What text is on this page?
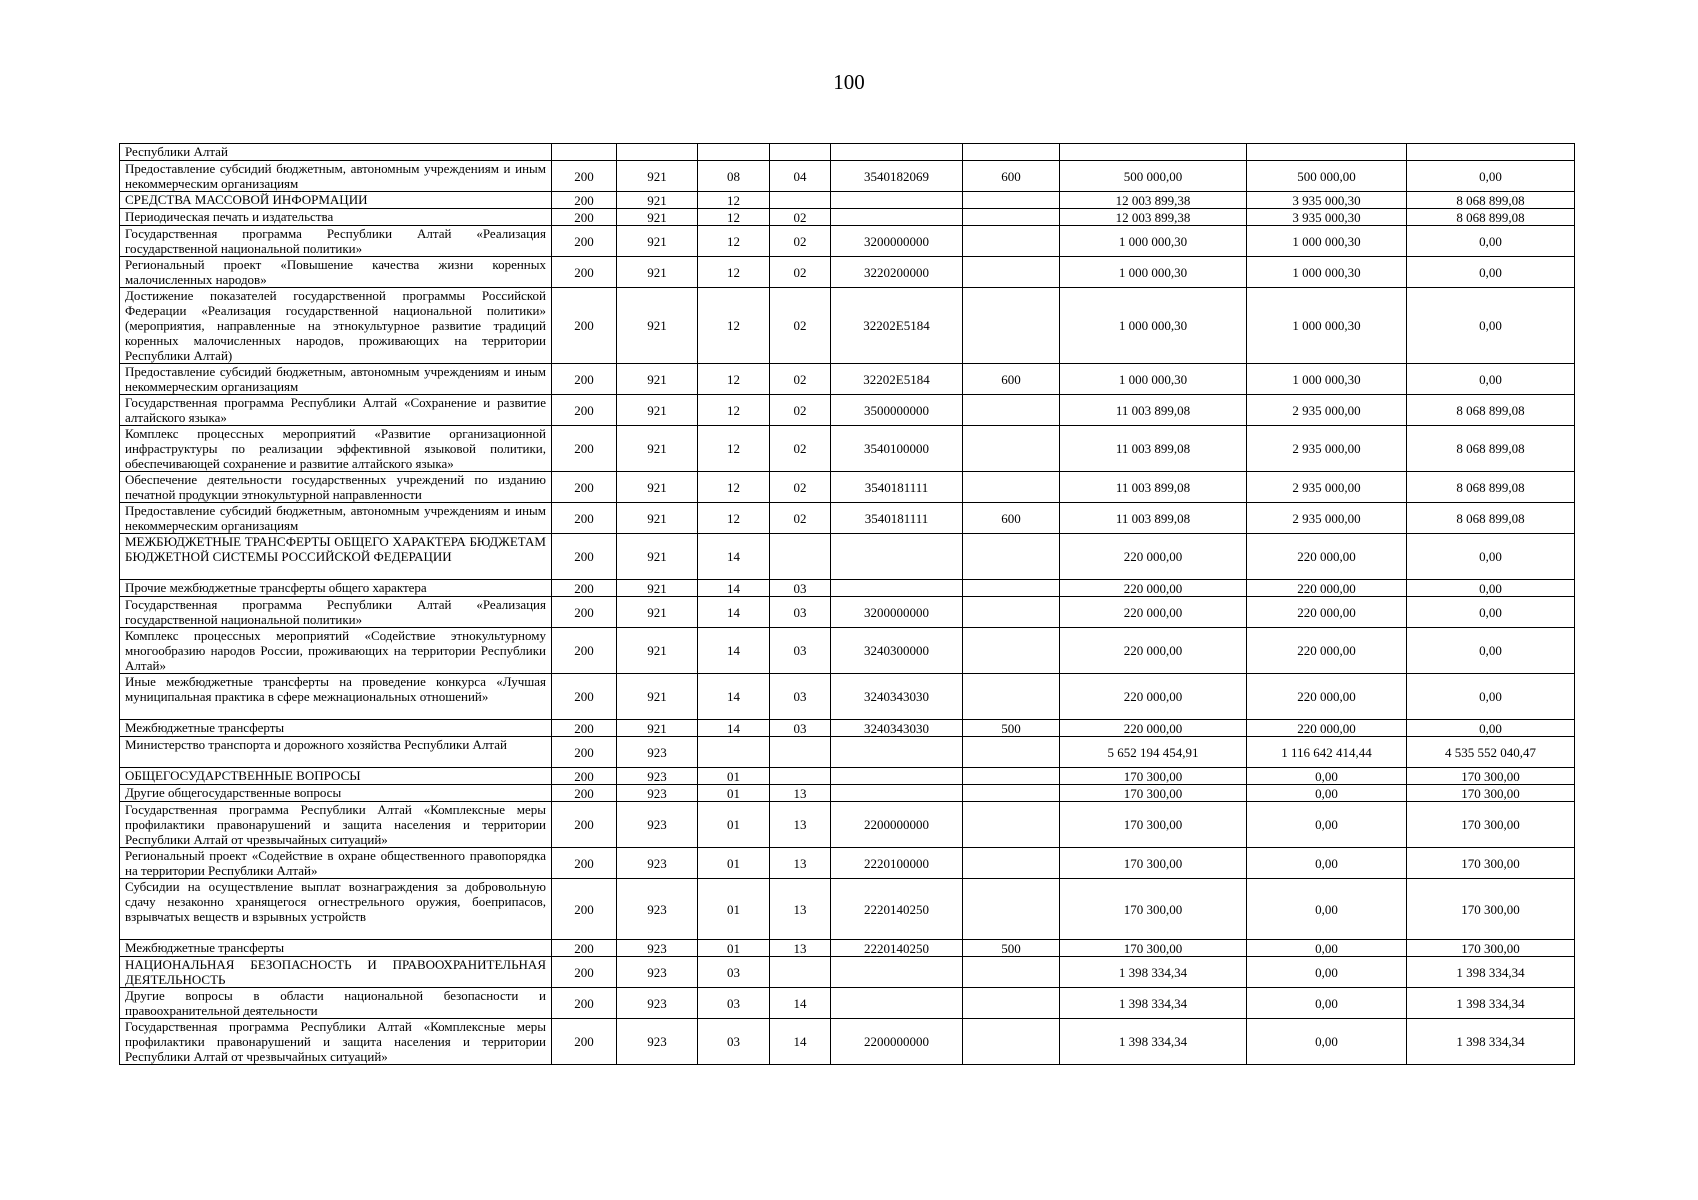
100
Республики Алтай									
Предоставление субсидий бюджетным, автономным учреждениям и иным некоммерческим организациям	200	921	08	04	3540182069	600	500 000,00	500 000,00	0,00
СРЕДСТВА МАССОВОЙ ИНФОРМАЦИИ	200	921	12				12 003 899,38	3 935 000,30	8 068 899,08
Периодическая печать и издательства	200	921	12	02			12 003 899,38	3 935 000,30	8 068 899,08
Государственная программа Республики Алтай «Реализация государственной национальной политики»	200	921	12	02	3200000000		1 000 000,30	1 000 000,30	0,00
Региональный проект «Повышение качества жизни коренных малочисленных народов»	200	921	12	02	3220200000		1 000 000,30	1 000 000,30	0,00
Достижение показателей государственной программы Российской Федерации «Реализация государственной национальной политики» (мероприятия, направленные на этнокультурное развитие традиций коренных малочисленных народов, проживающих на территории Республики Алтай)	200	921	12	02	32202E5184		1 000 000,30	1 000 000,30	0,00
Предоставление субсидий бюджетным, автономным учреждениям и иным некоммерческим организациям	200	921	12	02	32202E5184	600	1 000 000,30	1 000 000,30	0,00
Государственная программа Республики Алтай «Сохранение и развитие алтайского языка»	200	921	12	02	3500000000		11 003 899,08	2 935 000,00	8 068 899,08
Комплекс процессных мероприятий «Развитие организационной инфраструктуры по реализации эффективной языковой политики, обеспечивающей сохранение и развитие алтайского языка»	200	921	12	02	3540100000		11 003 899,08	2 935 000,00	8 068 899,08
Обеспечение деятельности государственных учреждений по изданию печатной продукции этнокультурной направленности	200	921	12	02	3540181111		11 003 899,08	2 935 000,00	8 068 899,08
Предоставление субсидий бюджетным, автономным учреждениям и иным некоммерческим организациям	200	921	12	02	3540181111	600	11 003 899,08	2 935 000,00	8 068 899,08
МЕЖБЮДЖЕТНЫЕ ТРАНСФЕРТЫ ОБЩЕГО ХАРАКТЕРА БЮДЖЕТАМ БЮДЖЕТНОЙ СИСТЕМЫ РОССИЙСКОЙ ФЕДЕРАЦИИ	200	921	14				220 000,00	220 000,00	0,00
Прочие межбюджетные трансферты общего характера	200	921	14	03			220 000,00	220 000,00	0,00
Государственная программа Республики Алтай «Реализация государственной национальной политики»	200	921	14	03	3200000000		220 000,00	220 000,00	0,00
Комплекс процессных мероприятий «Содействие этнокультурному многообразию народов России, проживающих на территории Республики Алтай»	200	921	14	03	3240300000		220 000,00	220 000,00	0,00
Иные межбюджетные трансферты на проведение конкурса «Лучшая муниципальная практика в сфере межнациональных отношений»	200	921	14	03	3240343030		220 000,00	220 000,00	0,00
Межбюджетные трансферты	200	921	14	03	3240343030	500	220 000,00	220 000,00	0,00
Министерство транспорта и дорожного хозяйства Республики Алтай	200	923					5 652 194 454,91	1 116 642 414,44	4 535 552 040,47
ОБЩЕГОСУДАРСТВЕННЫЕ ВОПРОСЫ	200	923	01				170 300,00	0,00	170 300,00
Другие общегосударственные вопросы	200	923	01	13			170 300,00	0,00	170 300,00
Государственная программа Республики Алтай «Комплексные меры профилактики правонарушений и защита населения и территории Республики Алтай от чрезвычайных ситуаций»	200	923	01	13	2200000000		170 300,00	0,00	170 300,00
Региональный проект «Содействие в охране общественного правопорядка на территории Республики Алтай»	200	923	01	13	2220100000		170 300,00	0,00	170 300,00
Субсидии на осуществление выплат вознаграждения за добровольную сдачу незаконно хранящегося огнестрельного оружия, боеприпасов, взрывчатых веществ и взрывных устройств	200	923	01	13	2220140250		170 300,00	0,00	170 300,00
Межбюджетные трансферты	200	923	01	13	2220140250	500	170 300,00	0,00	170 300,00
НАЦИОНАЛЬНАЯ БЕЗОПАСНОСТЬ И ПРАВООХРАНИТЕЛЬНАЯ ДЕЯТЕЛЬНОСТЬ	200	923	03				1 398 334,34	0,00	1 398 334,34
Другие вопросы в области национальной безопасности и правоохранительной деятельности	200	923	03	14			1 398 334,34	0,00	1 398 334,34
Государственная программа Республики Алтай «Комплексные меры профилактики правонарушений и защита населения и территории Республики Алтай от чрезвычайных ситуаций»	200	923	03	14	2200000000		1 398 334,34	0,00	1 398 334,34
